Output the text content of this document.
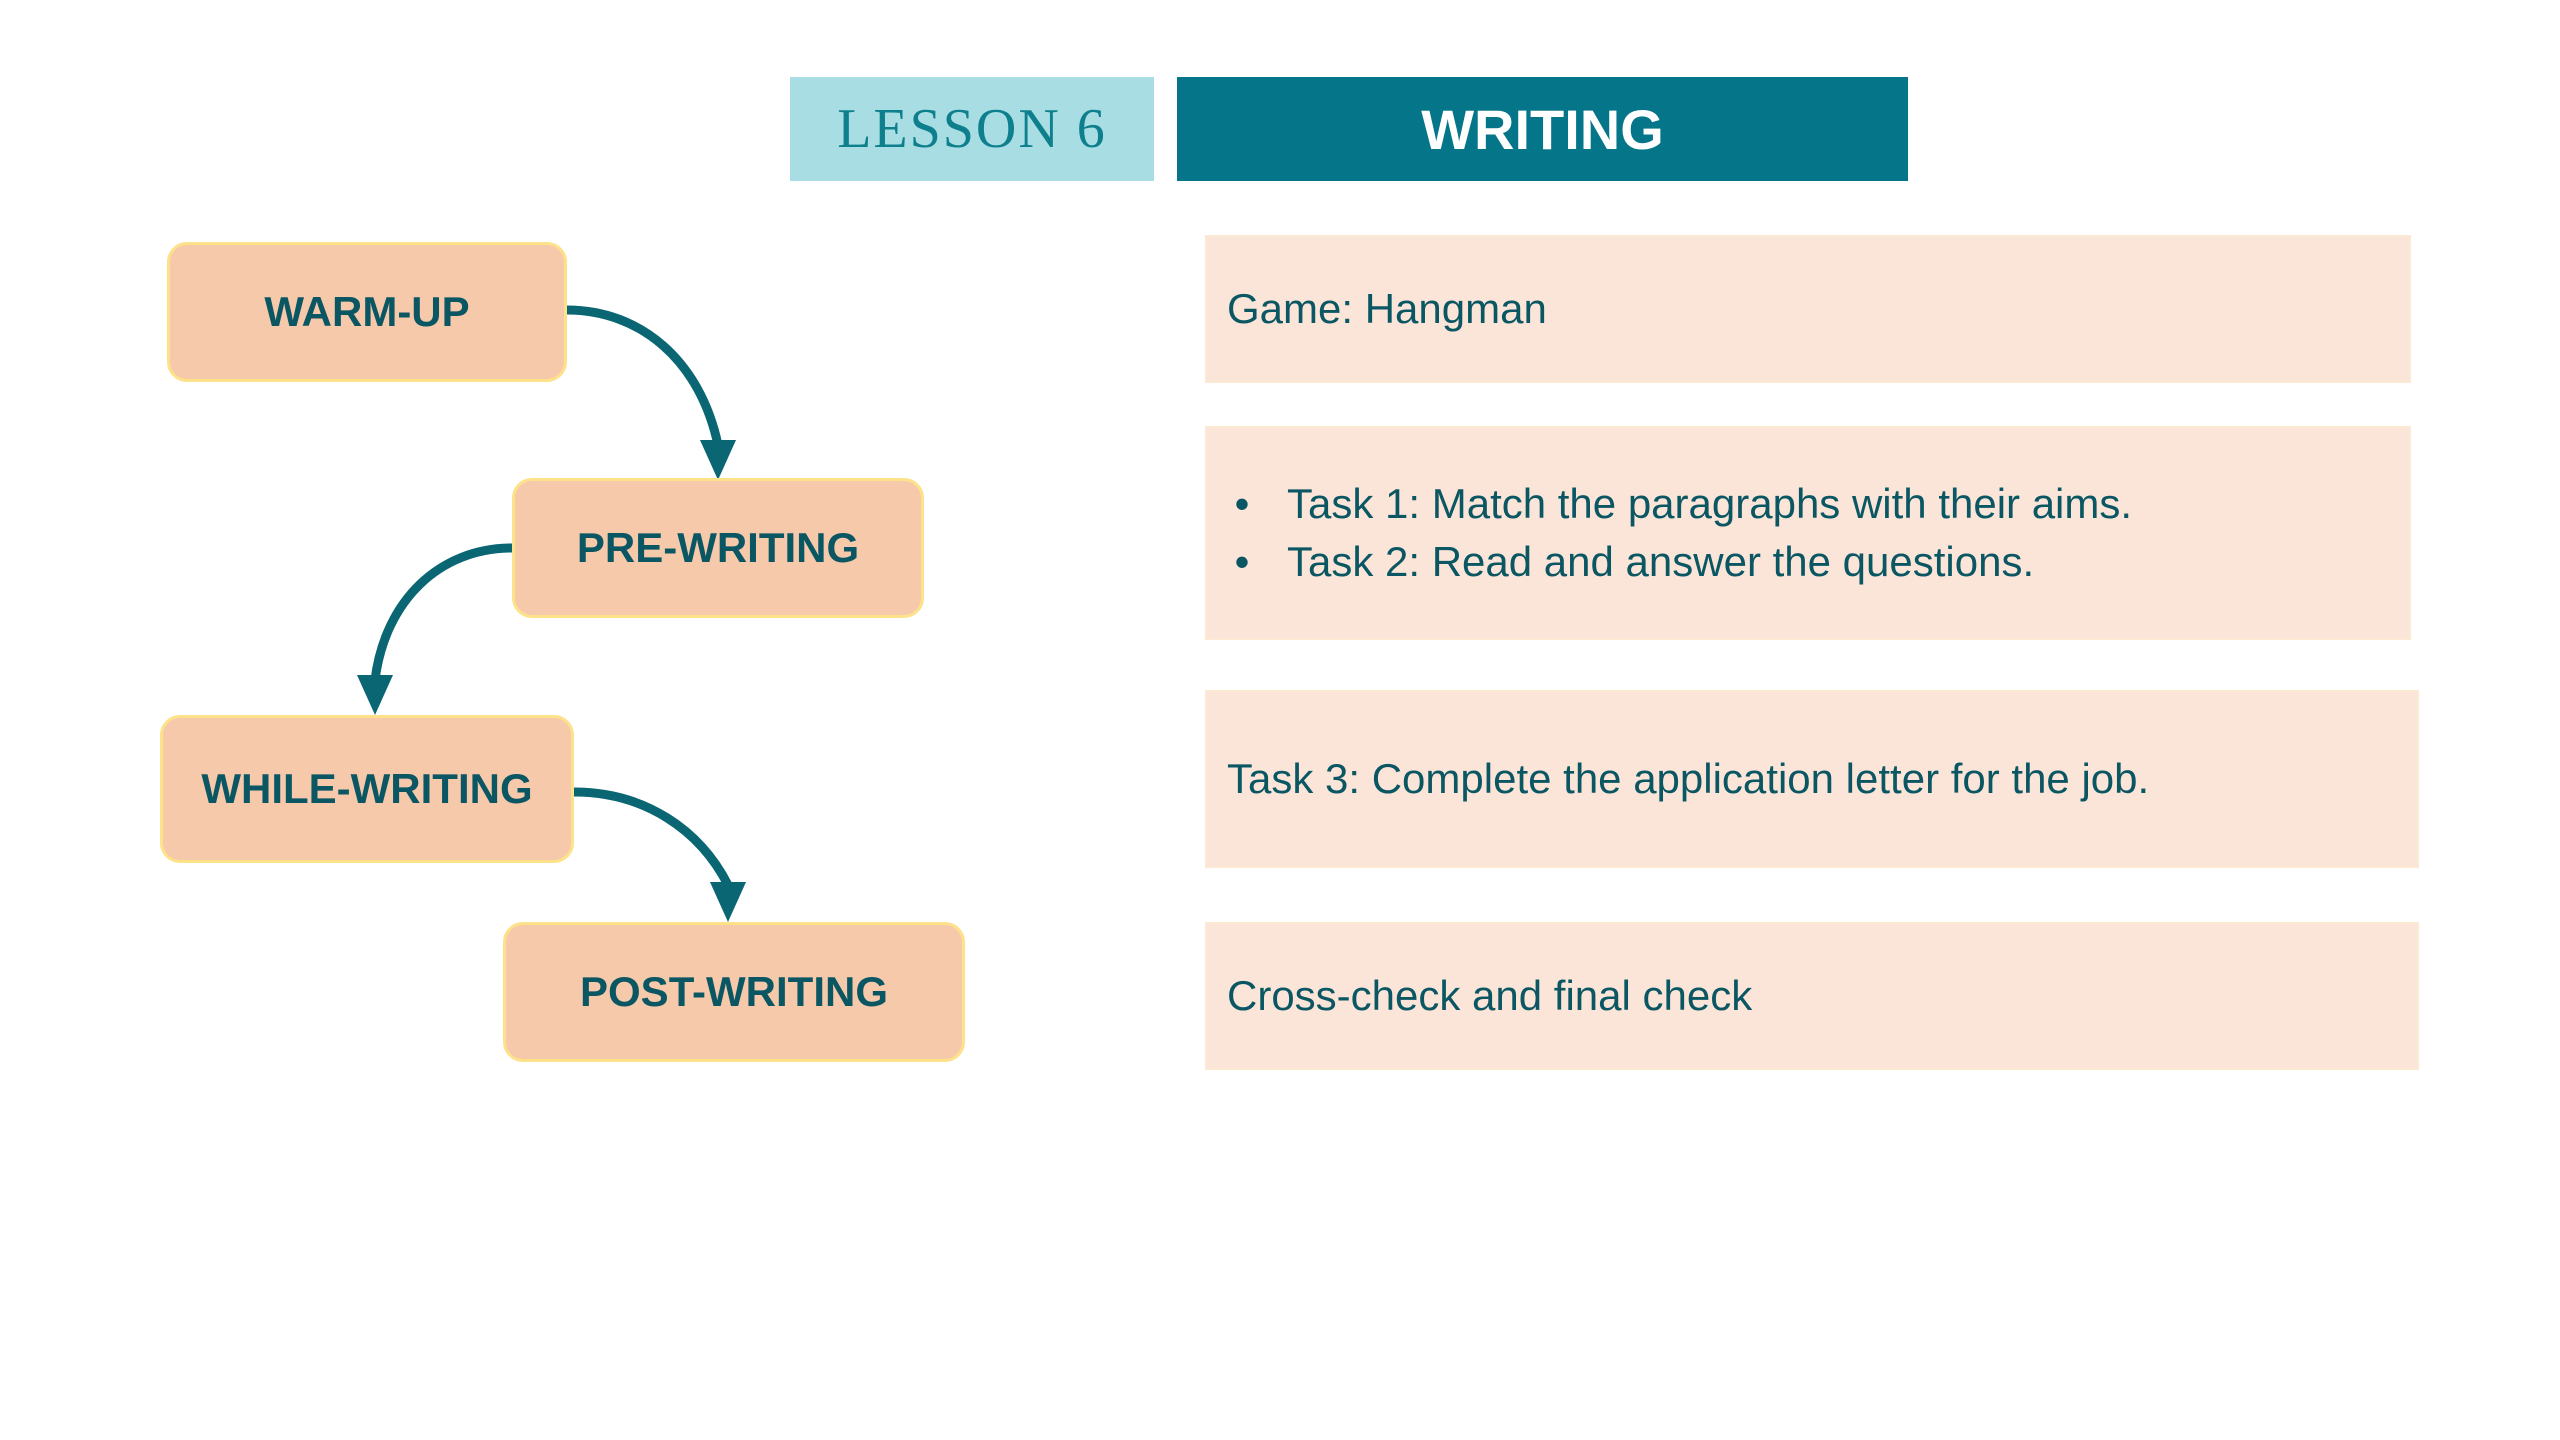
LESSON 6	WRITING
WARM-UP
PRE-WRITING
WHILE-WRITING
POST-WRITING
Game: Hangman
• Task 1: Match the paragraphs with their aims.
• Task 2: Read and answer the questions.
Task 3: Complete the application letter for the job.
Cross-check and final check
